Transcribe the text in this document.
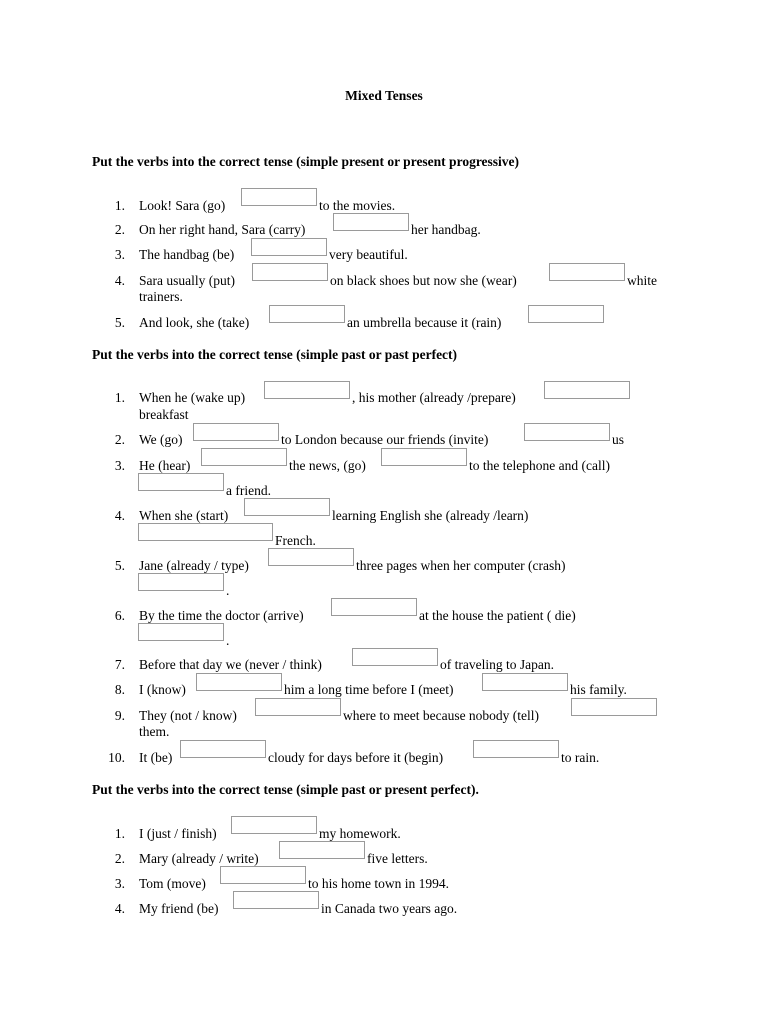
Mixed Tenses
Put the verbs into the correct tense (simple present or present progressive)
1. Look! Sara (go)	to the movies.
2. On her right hand, Sara (carry)	her handbag.
3. The handbag (be)	very beautiful.
4. Sara usually (put)	on black shoes but now she (wear)	white
trainers.
5. And look, she (take)	an umbrella because it (rain)
Put the verbs into the correct tense (simple past or past perfect)
1. When he (wake up)	, his mother (already /prepare)
breakfast
2. We (go)	to London because our friends (invite)	us
3. He (hear)	the news, (go)	to the telephone and (call)
a friend.
4. When she (start)	learning English she (already /learn)
French.
5. Jane (already / type)	three pages when her computer (crash)
.
6. By the time the doctor (arrive)	at the house the patient ( die)
.
7. Before that day we (never / think)	of traveling to Japan.
8. I (know)	him a long time before I (meet)	his family.
9. They (not / know)	where to meet because nobody (tell)
them.
10. It (be)	cloudy for days before it (begin)	to rain.
Put the verbs into the correct tense (simple past or present perfect).
1. I (just / finish)	my homework.
2. Mary (already / write)	five letters.
3. Tom (move)	to his home town in 1994.
4. My friend (be)	in Canada two years ago.
